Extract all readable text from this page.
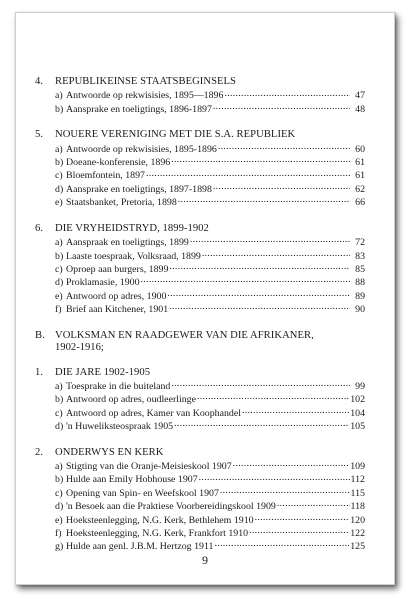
4.	REPUBLIKEINSE STAATSBEGINSELS
a) Antwoorde op rekwisisies, 1895—1896 .....	47
b) Aansprake en toeligtings, 1896-1897 .....	48
5.	NOUERE VERENIGING MET DIE S.A. REPUBLIEK
a) Antwoorde op rekwisisies, 1895-1896 .....	60
b) Doeane-konferensie, 1896 .....	61
c) Bloemfontein, 1897 .....	61
d) Aansprake en toeligtings, 1897-1898 .....	62
e) Staatsbanket, Pretoria, 1898 .....	66
6.	DIE VRYHEIDSTRYD, 1899-1902
a) Aanspraak en toeligtings, 1899 .....	72
b) Laaste toespraak, Volksraad, 1899 .....	83
c) Oproep aan burgers, 1899 .....	85
d) Proklamasie, 1900 .....	88
e) Antwoord op adres, 1900 .....	89
f) Brief aan Kitchener, 1901 .....	90
B. VOLKSMAN EN RAADGEWER VAN DIE AFRIKANER,
1902-1916;
1.	DIE JARE 1902-1905
a) Toesprake in die buiteland .....	99
b) Antwoord op adres, oudleerlinge .....	102
c) Antwoord op adres, Kamer van Koophandel .....	104
d) 'n Huweliksteospraak 1905 .....	105
2.	ONDERWYS EN KERK
a) Stigting van die Oranje-Meisieskool 1907 .....	109
b) Hulde aan Emily Hobhouse 1907 .....	112
c) Opening van Spin- en Weefskool 1907 .....	115
d) 'n Besoek aan die Praktiese Voorbereidingskool 1909 .....	118
e) Hoeksteenlegging, N.G. Kerk, Bethlehem 1910 .....	120
f) Hoeksteenlegging, N.G. Kerk, Frankfort 1910 .....	122
g) Hulde aan genl. J.B.M. Hertzog 1911 .....	125
9
